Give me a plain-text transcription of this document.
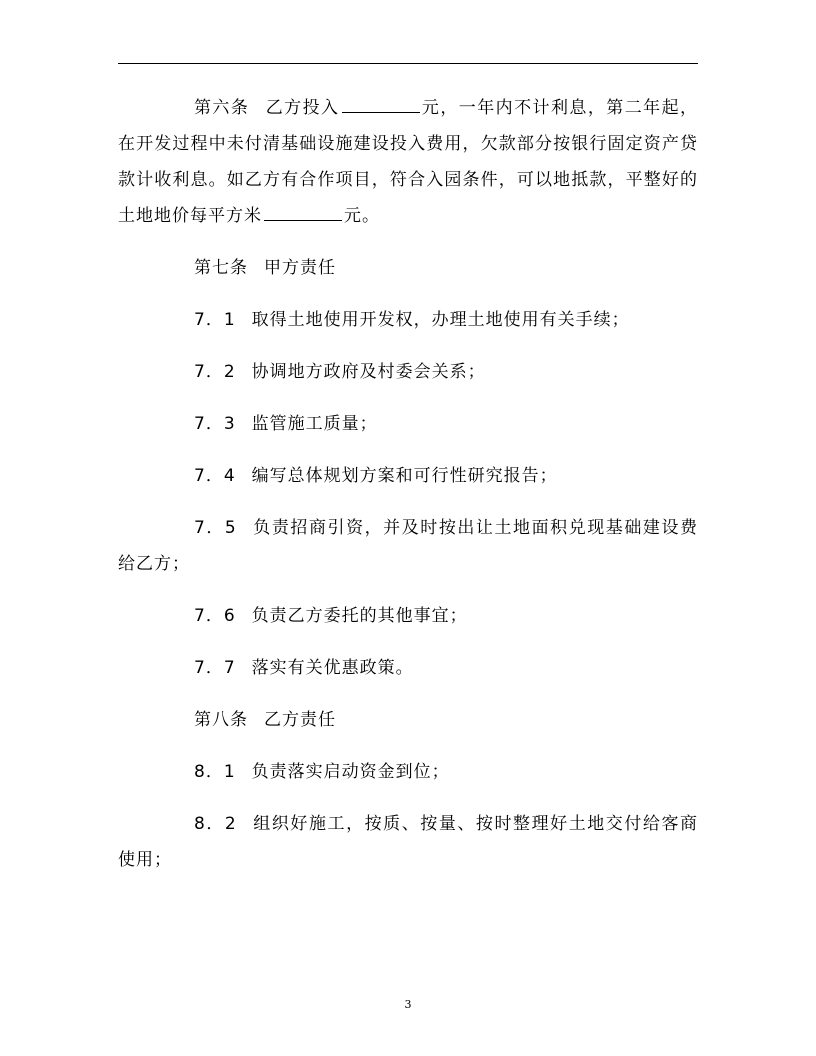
第六条 乙方投入	元，一年内不计利息，第二年起，在开发过程中未付清基础设施建设投入费用，欠款部分按银行固定资产贷款计收利息。如乙方有合作项目，符合入园条件，可以地抵款，平整好的土地地价每平方米	元。

第七条 甲方责任

7．1 取得土地使用开发权，办理土地使用有关手续；

7．2 协调地方政府及村委会关系；

7．3 监管施工质量；

7．4 编写总体规划方案和可行性研究报告；

7．5 负责招商引资，并及时按出让土地面积兑现基础建设费给乙方；

7．6 负责乙方委托的其他事宜；

7．7 落实有关优惠政策。

第八条 乙方责任

8．1 负责落实启动资金到位；

8．2 组织好施工，按质、按量、按时整理好土地交付给客商使用；

3
